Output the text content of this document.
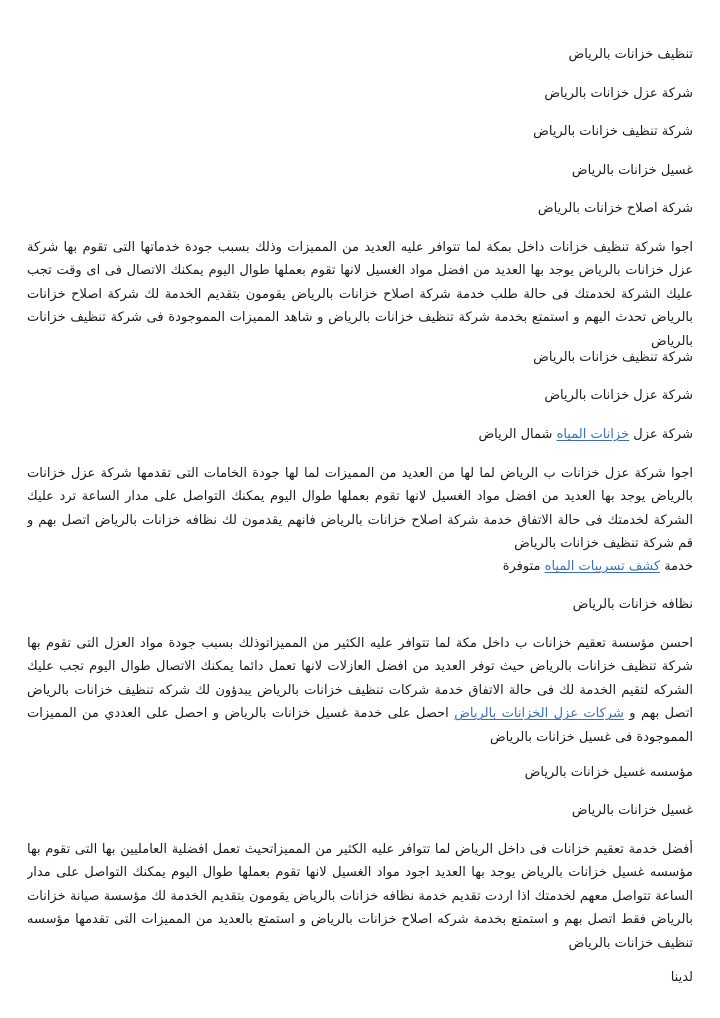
تنظيف خزانات بالرياض
شركة عزل خزانات بالرياض
شركة تنظيف خزانات بالرياض
غسيل خزانات بالرياض
شركة اصلاح خزانات بالرياض
اجوا شركة تنظيف خزانات داخل بمكة لما تتوافر عليه العديد من المميزات وذلك بسبب جودة خدماتها التى تقوم بها شركة عزل خزانات بالرياض يوجد بها العديد من افضل مواد الغسيل لانها تقوم بعملها طوال اليوم يمكنك الاتصال فى اى وقت تجب عليك الشركة لخدمتك فى حالة طلب خدمة شركة اصلاح خزانات بالرياض يقومون بتقديم الخدمة لك شركة اصلاح خزانات بالرياض تحدث اليهم و استمتع بخدمة شركة تنظيف خزانات بالرياض و شاهد المميزات المموجودة فى شركة تنظيف خزانات بالرياض
شركة تنظيف خزانات بالرياض
شركة عزل خزانات بالرياض
شركة عزل خزانات المياه شمال الرياض
اجوا شركة عزل خزانات ب الرياض لما لها من العديد من المميزات لما لها جودة الخامات التى تقدمها شركة عزل خزانات بالرياض يوجد بها العديد من افضل مواد الغسيل لانها تقوم بعملها طوال اليوم يمكنك التواصل على مدار الساعة ترد عليك الشركة لخدمتك فى حالة الاتفاق خدمة شركة اصلاح خزانات بالرياض فانهم يقدمون لك نظافه خزانات بالرياض اتصل بهم و قم شركة تنظيف خزانات بالرياض
خدمة كشف تسريبات المياه متوفرة
نظافه خزانات بالرياض
احسن مؤسسة تعقيم خزانات ب داخل مكة لما تتوافر عليه الكثير من المميزاتوذلك بسبب جودة مواد العزل التى تقوم بها شركة تنظيف خزانات بالرياض حيث توفر العديد من افضل العازلات لانها تعمل دائما يمكنك الاتصال طوال اليوم تجب عليك الشركه لتقيم الخدمة لك فى حالة الاتفاق خدمة شركات تنظيف خزانات بالرياض يبدؤون لك شركه تنظيف خزانات بالرياض اتصل بهم و شركات عزل الخزانات بالرياض احصل على خدمة غسيل خزانات بالرياض و احصل على العددي من المميزات المموجودة فى غسيل خزانات بالرياض
مؤسسه غسيل خزانات بالرياض
غسيل خزانات بالرياض
أفضل خدمة تعقيم خزانات فى داخل الرياض لما تتوافر عليه الكثير من المميزاتحيث تعمل افضلية العامليين بها التى تقوم بها مؤسسه غسيل خزانات بالرياض يوجد بها العديد اجود مواد الغسيل لانها تقوم بعملها طوال اليوم يمكنك التواصل على مدار الساعة تتواصل معهم لخدمتك اذا اردت تقديم خدمة نظافه خزانات بالرياض يقومون بتقديم الخدمة لك مؤسسة صيانة خزانات بالرياض فقط اتصل بهم و استمتع بخدمة شركه اصلاح خزانات بالرياض و استمتع بالعديد من المميزات التى تقدمها مؤسسه تنظيف خزانات بالرياض
لدينا
